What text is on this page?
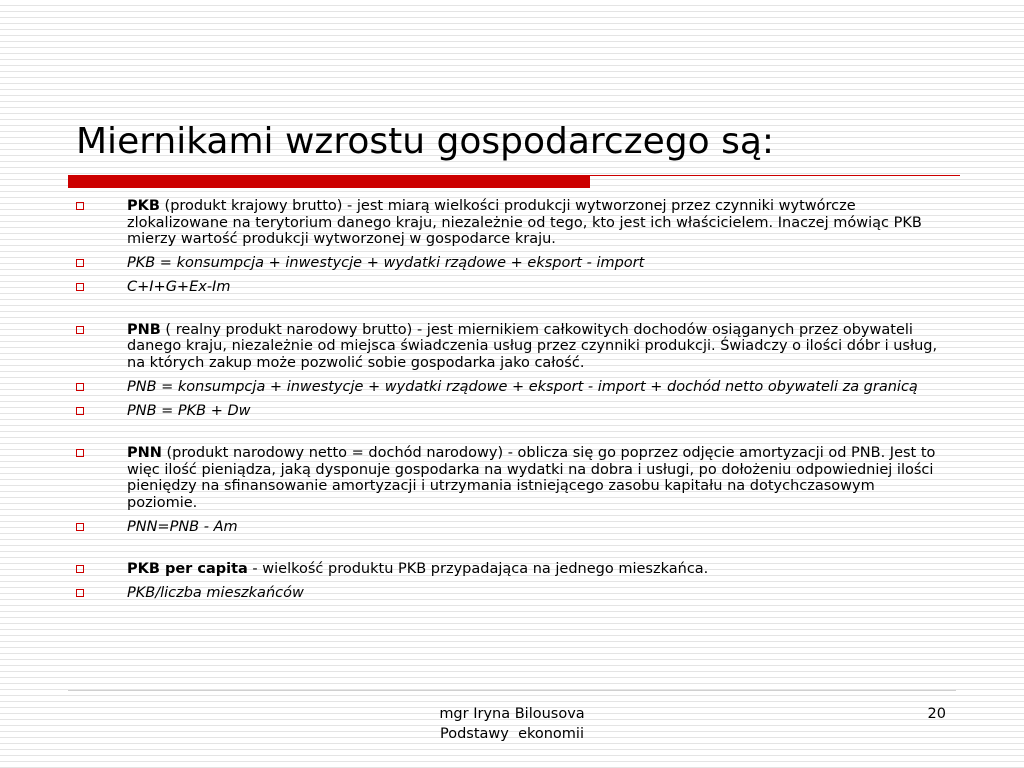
Miernikami wzrostu gospodarczego są:
PKB (produkt krajowy brutto) - jest miarą wielkości produkcji wytworzonej przez czynniki wytwórcze zlokalizowane na terytorium danego kraju, niezależnie od tego, kto jest ich właścicielem. Inaczej mówiąc PKB mierzy wartość produkcji wytworzonej w gospodarce kraju.
PKB = konsumpcja + inwestycje + wydatki rządowe + eksport - import
C+I+G+Ex-Im
PNB ( realny produkt narodowy brutto) - jest miernikiem całkowitych dochodów osiąganych przez obywateli danego kraju, niezależnie od miejsca świadczenia usług przez czynniki produkcji. Świadczy o ilości dóbr i usług, na których zakup może pozwolić sobie gospodarka jako całość.
PNB = konsumpcja + inwestycje + wydatki rządowe + eksport - import + dochód netto obywateli za granicą
PNB = PKB + Dw
PNN (produkt narodowy netto = dochód narodowy) - oblicza się go poprzez odjęcie amortyzacji od PNB. Jest to więc ilość pieniądza, jaką dysponuje gospodarka na wydatki na dobra i usługi, po dołożeniu odpowiedniej ilości pieniędzy na sfinansowanie amortyzacji i utrzymania istniejącego zasobu kapitału na dotychczasowym poziomie.
PNN=PNB - Am
PKB per capita - wielkość produktu PKB przypadająca na jednego mieszkańca.
PKB/liczba mieszkańców
mgr Iryna Bilousova
Podstawy  ekonomii
20
